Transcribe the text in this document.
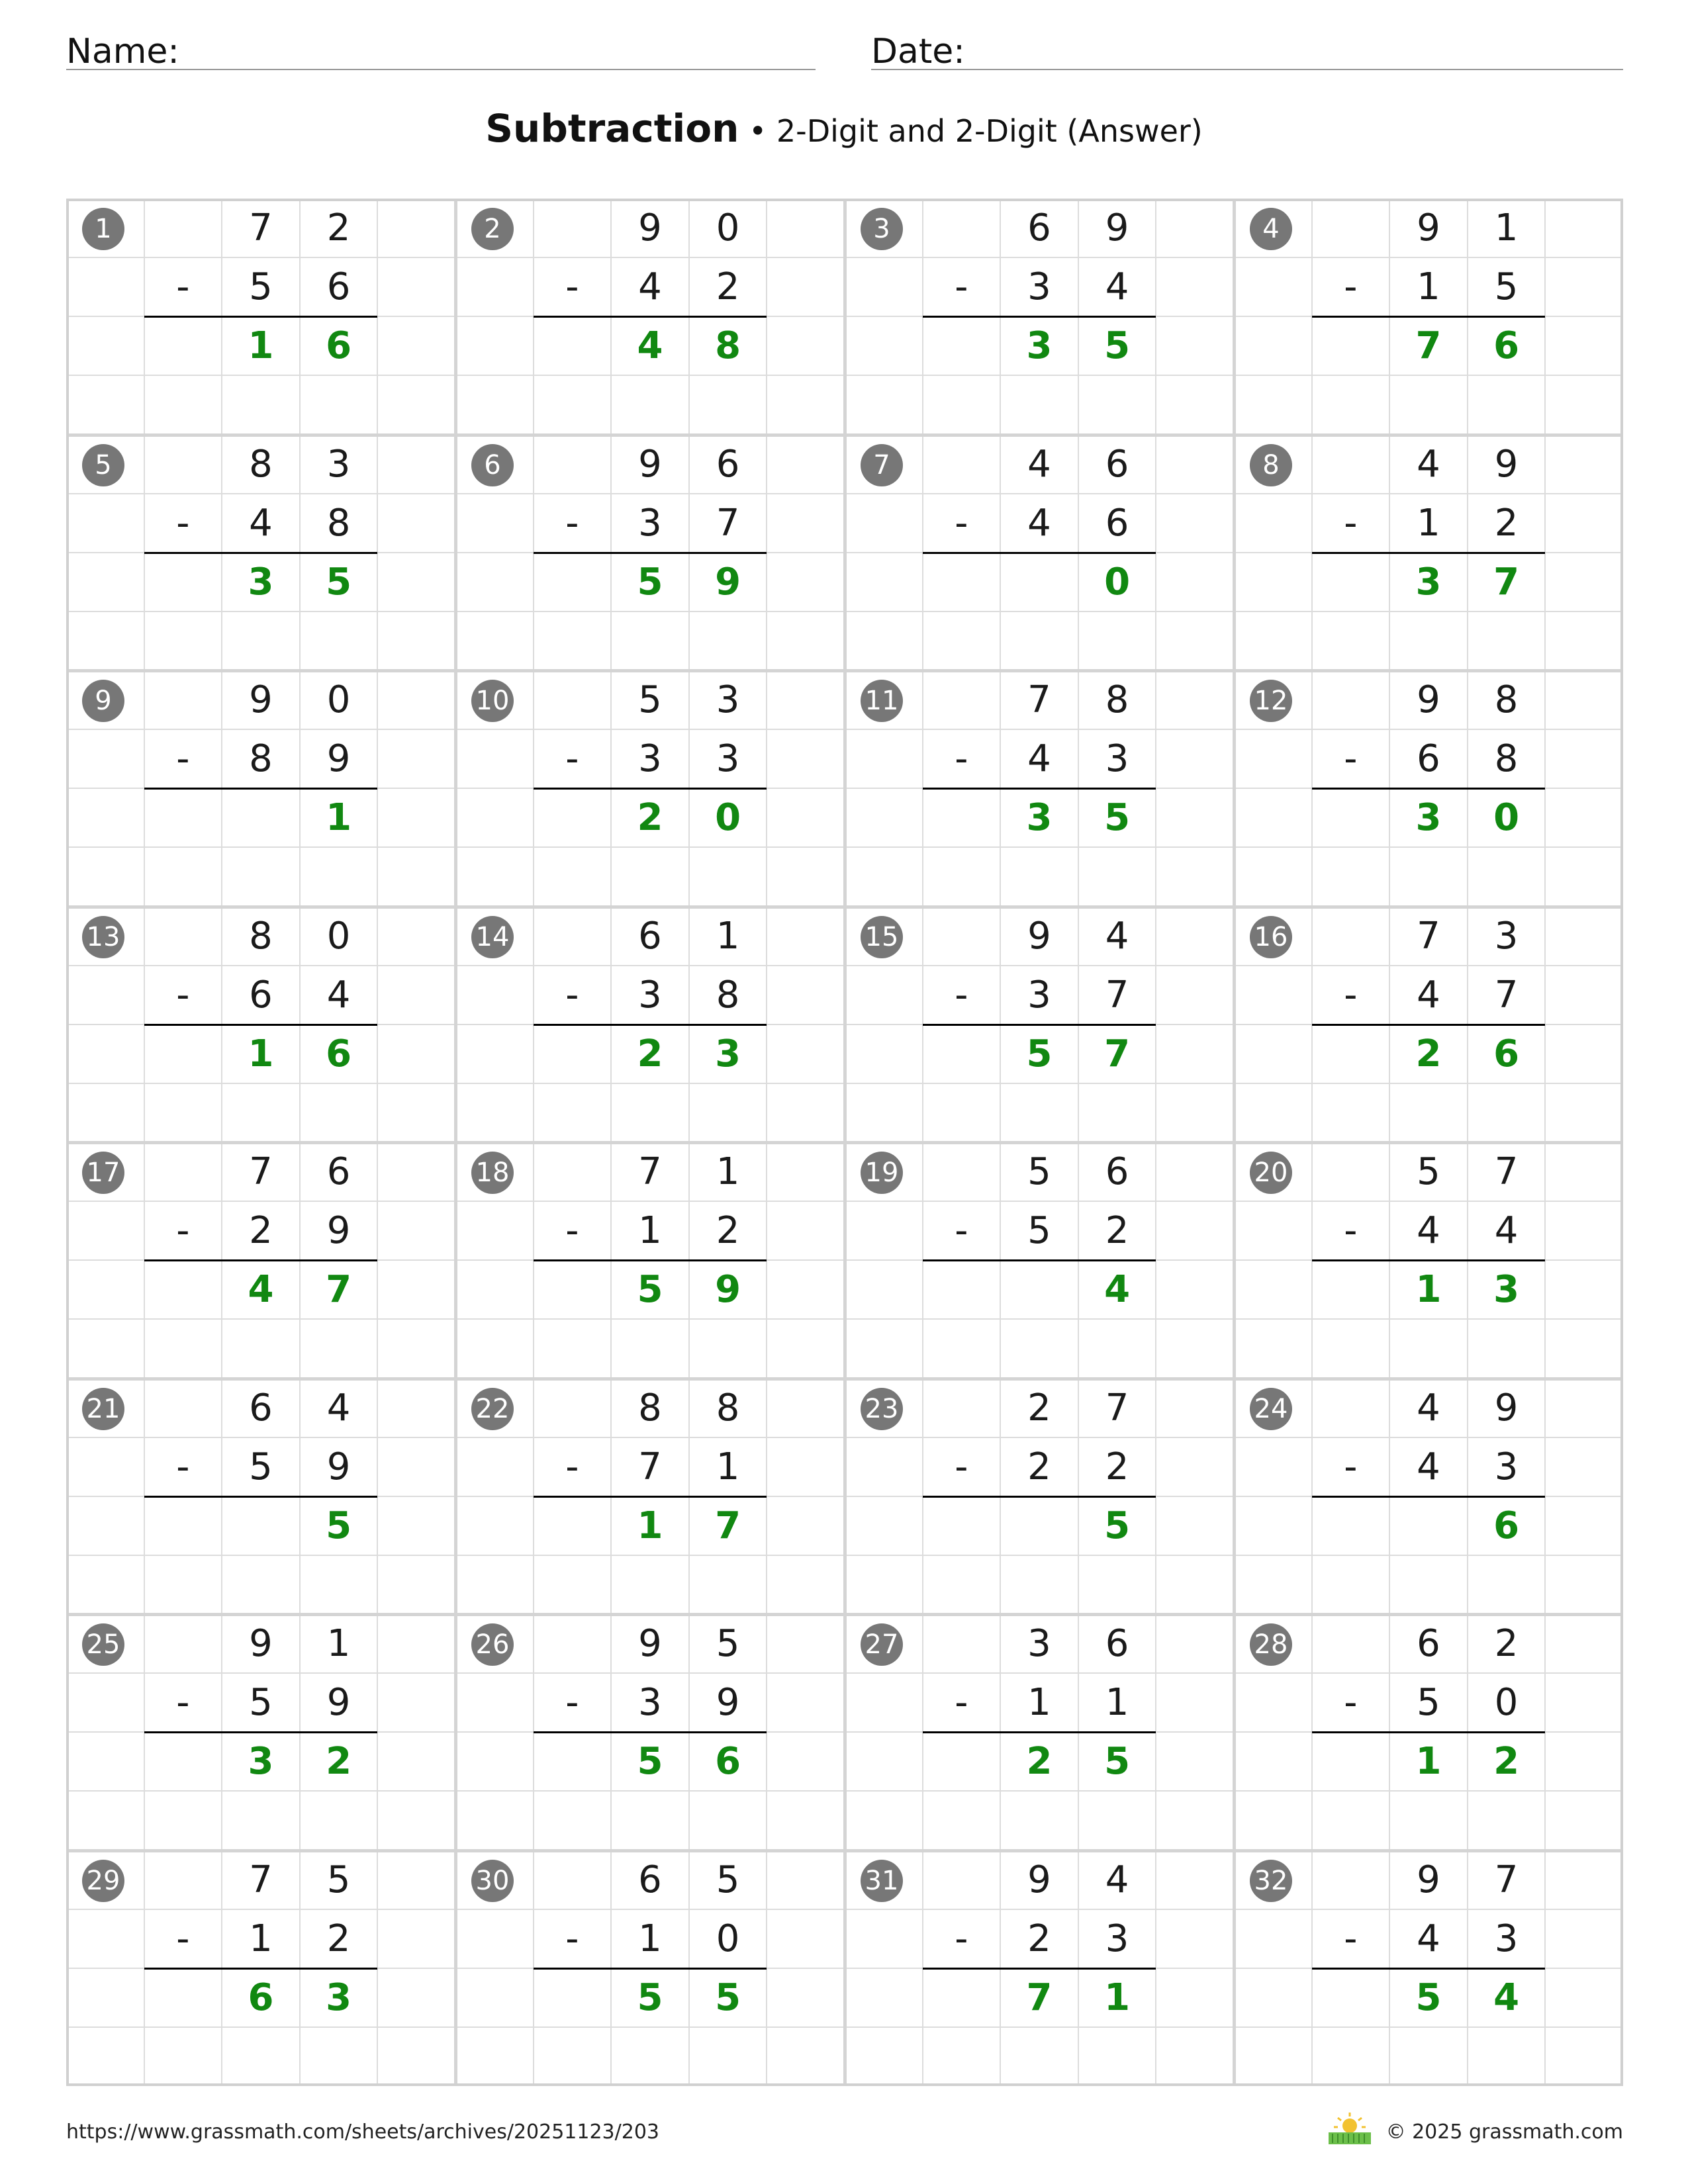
Name:	Date:
Subtraction • 2-Digit and 2-Digit (Answer)
1	7	2
-	5	6
1	6
2	9	0
-	4	2
4	8
3	6	9
-	3	4
3	5
4	9	1
-	1	5
7	6
5	8	3
-	4	8
3	5
6	9	6
-	3	7
5	9
7	4	6
-	4	6
0
8	4	9
-	1	2
3	7
9	9	0
-	8	9
1
10	5	3
-	3	3
2	0
11	7	8
-	4	3
3	5
12	9	8
-	6	8
3	0
13	8	0
-	6	4
1	6
14	6	1
-	3	8
2	3
15	9	4
-	3	7
5	7
16	7	3
-	4	7
2	6
17	7	6
-	2	9
4	7
18	7	1
-	1	2
5	9
19	5	6
-	5	2
4
20	5	7
-	4	4
1	3
21	6	4
-	5	9
5
22	8	8
-	7	1
1	7
23	2	7
-	2	2
5
24	4	9
-	4	3
6
25	9	1
-	5	9
3	2
26	9	5
-	3	9
5	6
27	3	6
-	1	1
2	5
28	6	2
-	5	0
1	2
29	7	5
-	1	2
6	3
30	6	5
-	1	0
5	5
31	9	4
-	2	3
7	1
32	9	7
-	4	3
5	4
https://www.grassmath.com/sheets/archives/20251123/203	© 2025 grassmath.com
